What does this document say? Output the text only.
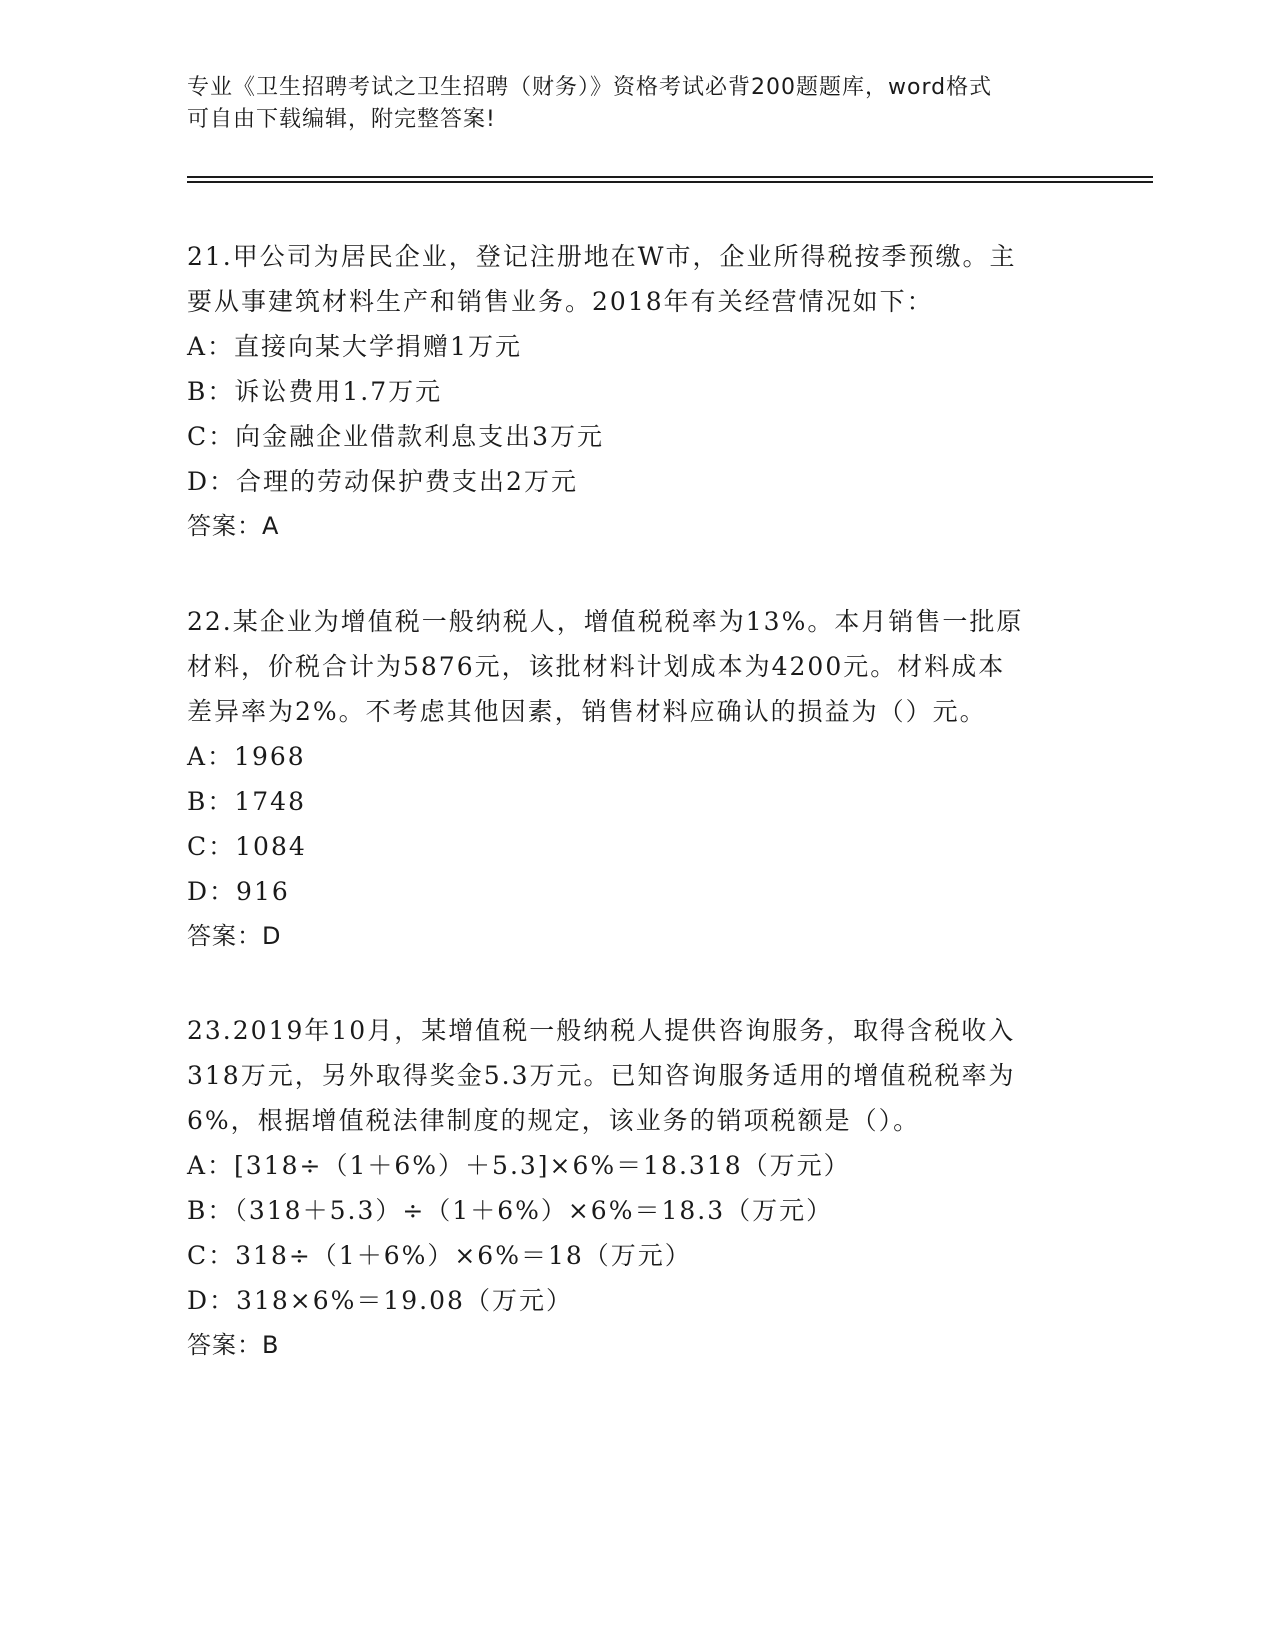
专业《卫生招聘考试之卫生招聘（财务）》资格考试必背200题题库，word格式
可自由下载编辑，附完整答案!
21.甲公司为居民企业，登记注册地在W市，企业所得税按季预缴。主
要从事建筑材料生产和销售业务。2018年有关经营情况如下：
A：直接向某大学捐赠1万元
B：诉讼费用1.7万元
C：向金融企业借款利息支出3万元
D：合理的劳动保护费支出2万元
答案：A
22.某企业为增值税一般纳税人，增值税税率为13%。本月销售一批原
材料，价税合计为5876元，该批材料计划成本为4200元。材料成本
差异率为2%。不考虑其他因素，销售材料应确认的损益为（）元。
A：1968
B：1748
C：1084
D：916
答案：D
23.2019年10月，某增值税一般纳税人提供咨询服务，取得含税收入
318万元，另外取得奖金5.3万元。已知咨询服务适用的增值税税率为
6%，根据增值税法律制度的规定，该业务的销项税额是（）。
A：[318÷（1＋6%）＋5.3]×6%＝18.318（万元）
B：（318＋5.3）÷（1＋6%）×6%＝18.3（万元）
C：318÷（1＋6%）×6%＝18（万元）
D：318×6%＝19.08（万元）
答案：B
